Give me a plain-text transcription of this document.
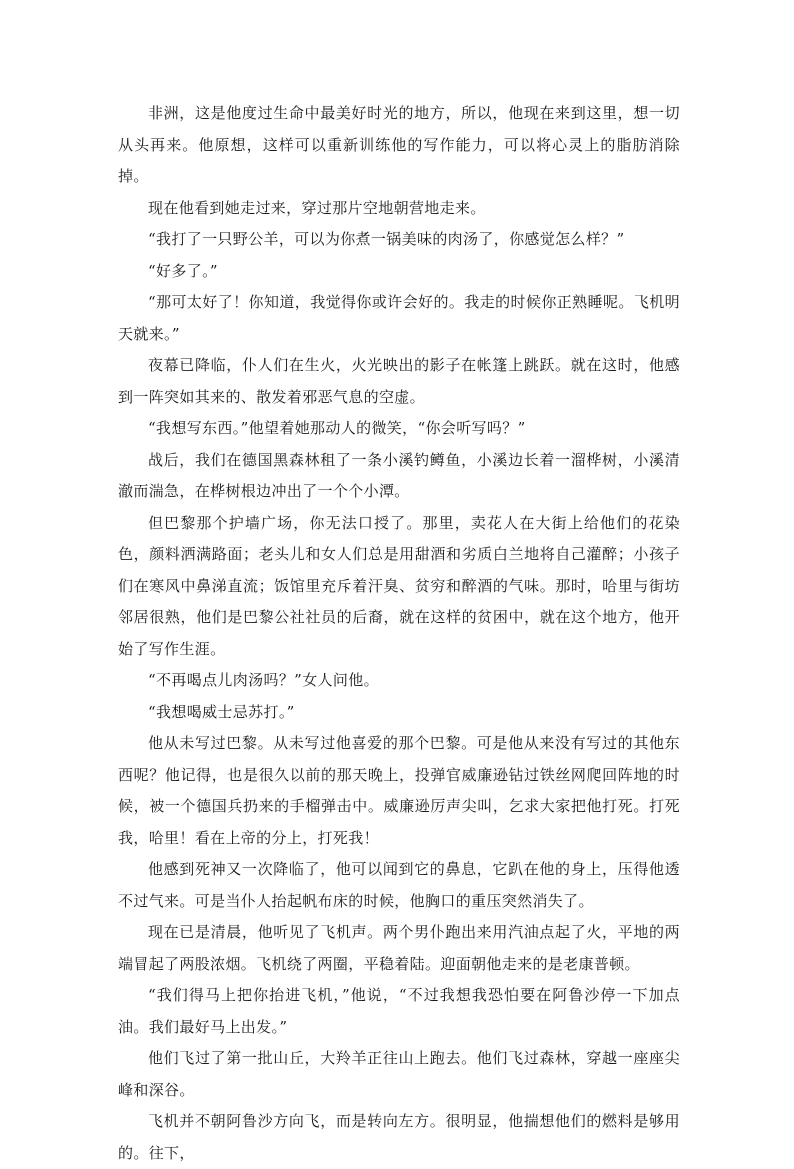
非洲，这是他度过生命中最美好时光的地方，所以，他现在来到这里，想一切从头再来。他原想，这样可以重新训练他的写作能力，可以将心灵上的脂肪消除掉。

现在他看到她走过来，穿过那片空地朝营地走来。

“我打了一只野公羊，可以为你煮一锅美味的肉汤了，你感觉怎么样？”

“好多了。”

“那可太好了！你知道，我觉得你或许会好的。我走的时候你正熟睡呢。飞机明天就来。”

夜幕已降临，仆人们在生火，火光映出的影子在帐篷上跳跃。就在这时，他感到一阵突如其来的、散发着邪恶气息的空虚。

“我想写东西。”他望着她那动人的微笑，“你会听写吗？”

战后，我们在德国黑森林租了一条小溪钓鳟鱼，小溪边长着一溜桦树，小溪清澈而湍急，在桦树根边冲出了一个个小潭。

但巴黎那个护墙广场，你无法口授了。那里，卖花人在大街上给他们的花染色，颜料洒满路面；老头儿和女人们总是用甜酒和劣质白兰地将自己灌醉；小孩子们在寒风中鼻涕直流；饭馆里充斥着汗臭、贫穷和醉酒的气味。那时，哈里与街坊邻居很熟，他们是巴黎公社社员的后裔，就在这样的贫困中，就在这个地方，他开始了写作生涯。

“不再喝点儿肉汤吗？”女人问他。

“我想喝威士忌苏打。”

他从未写过巴黎。从未写过他喜爱的那个巴黎。可是他从来没有写过的其他东西呢？他记得，也是很久以前的那天晚上，投弹官威廉逊钻过铁丝网爬回阵地的时候，被一个德国兵扔来的手榴弹击中。威廉逊厉声尖叫，乞求大家把他打死。打死我，哈里！看在上帝的分上，打死我！

他感到死神又一次降临了，他可以闻到它的鼻息，它趴在他的身上，压得他透不过气来。可是当仆人抬起帆布床的时候，他胸口的重压突然消失了。

现在已是清晨，他听见了飞机声。两个男仆跑出来用汽油点起了火，平地的两端冒起了两股浓烟。飞机绕了两圈，平稳着陆。迎面朝他走来的是老康普顿。

“我们得马上把你抬进飞机，”他说，“不过我想我恐怕要在阿鲁沙停一下加点油。我们最好马上出发。”

他们飞过了第一批山丘，大羚羊正往山上跑去。他们飞过森林，穿越一座座尖峰和深谷。

飞机并不朝阿鲁沙方向飞，而是转向左方。很明显，他揣想他们的燃料是够用的。往下，
